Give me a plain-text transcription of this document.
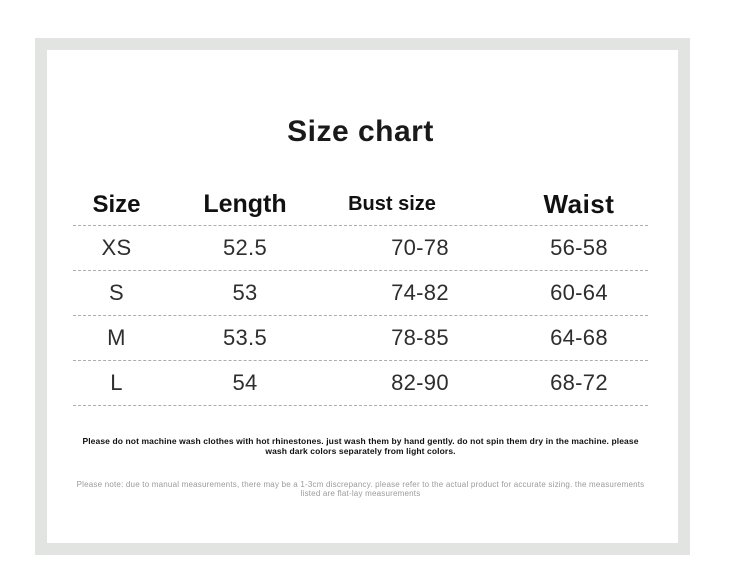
Size chart
Size	Length	Bust size	Waist
XS	52.5	70-78	56-58
S	53	74-82	60-64
M	53.5	78-85	64-68
L	54	82-90	68-72
Please do not machine wash clothes with hot rhinestones. just wash them by hand gently. do not spin them dry in the machine. please wash dark colors separately from light colors.
Please note: due to manual measurements, there may be a 1-3cm discrepancy. please refer to the actual product for accurate sizing. the measurements listed are flat-lay measurements
